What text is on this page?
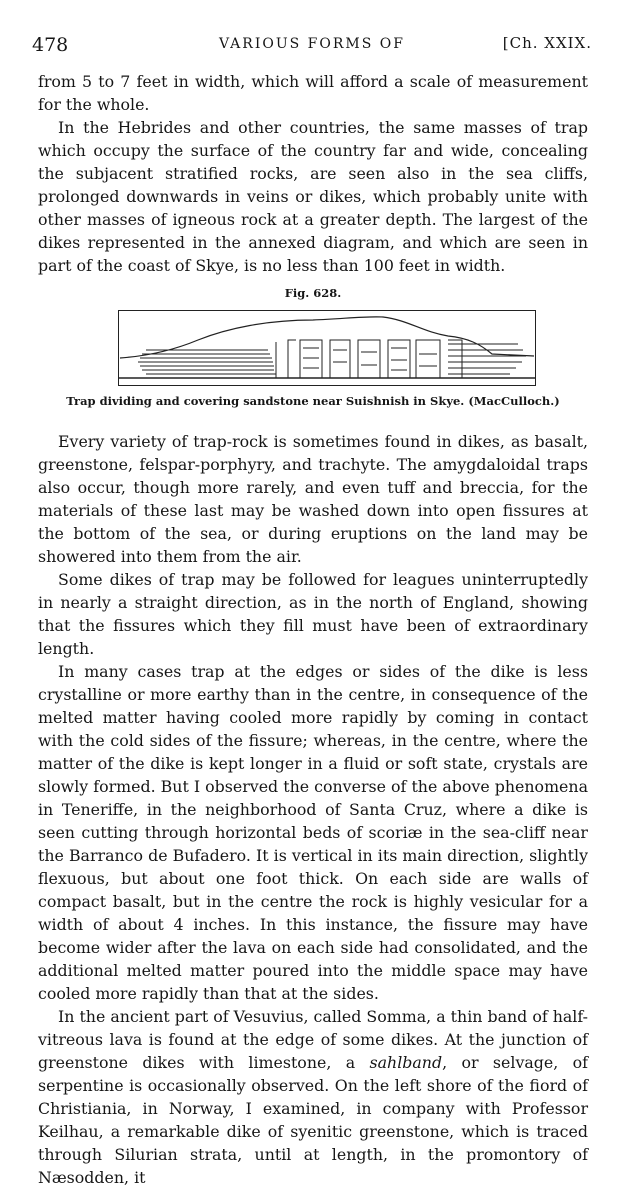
478	VARIOUS FORMS OF	[Ch. XXIX.

from 5 to 7 feet in width, which will afford a scale of measurement for the whole.

In the Hebrides and other countries, the same masses of trap which occupy the surface of the country far and wide, concealing the subjacent stratified rocks, are seen also in the sea cliffs, prolonged downwards in veins or dikes, which probably unite with other masses of igneous rock at a greater depth. The largest of the dikes represented in the annexed diagram, and which are seen in part of the coast of Skye, is no less than 100 feet in width.

Fig. 628.
Trap dividing and covering sandstone near Suishnish in Skye. (MacCulloch.)

Every variety of trap-rock is sometimes found in dikes, as basalt, greenstone, felspar-porphyry, and trachyte. The amygdaloidal traps also occur, though more rarely, and even tuff and breccia, for the materials of these last may be washed down into open fissures at the bottom of the sea, or during eruptions on the land may be showered into them from the air.

Some dikes of trap may be followed for leagues uninterruptedly in nearly a straight direction, as in the north of England, showing that the fissures which they fill must have been of extraordinary length.

In many cases trap at the edges or sides of the dike is less crystalline or more earthy than in the centre, in consequence of the melted matter having cooled more rapidly by coming in contact with the cold sides of the fissure; whereas, in the centre, where the matter of the dike is kept longer in a fluid or soft state, crystals are slowly formed. But I observed the converse of the above phenomena in Teneriffe, in the neighborhood of Santa Cruz, where a dike is seen cutting through horizontal beds of scoriæ in the sea-cliff near the Barranco de Bufadero. It is vertical in its main direction, slightly flexuous, but about one foot thick. On each side are walls of compact basalt, but in the centre the rock is highly vesicular for a width of about 4 inches. In this instance, the fissure may have become wider after the lava on each side had consolidated, and the additional melted matter poured into the middle space may have cooled more rapidly than that at the sides.

In the ancient part of Vesuvius, called Somma, a thin band of half-vitreous lava is found at the edge of some dikes. At the junction of greenstone dikes with limestone, a sahlband, or selvage, of serpentine is occasionally observed. On the left shore of the fiord of Christiania, in Norway, I examined, in company with Professor Keilhau, a remarkable dike of syenitic greenstone, which is traced through Silurian strata, until at length, in the promontory of Næsodden, it
